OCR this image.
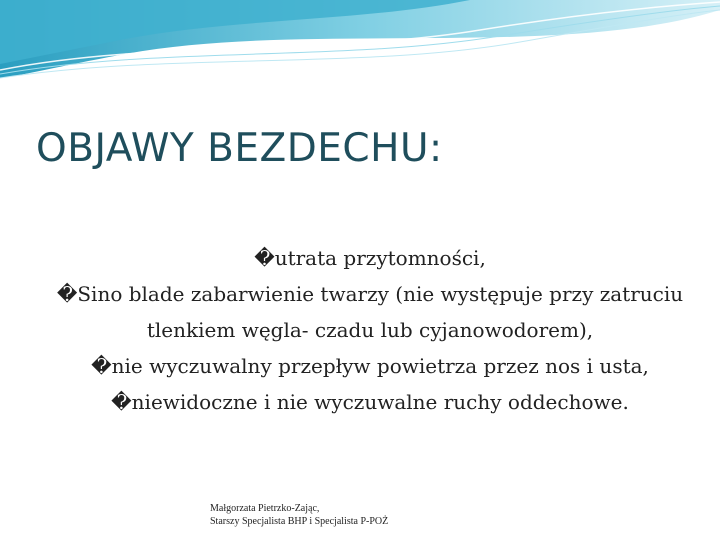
OBJAWY BEZDECHU:
�utrata przytomności,
�Sino blade zabarwienie twarzy (nie występuje przy zatruciu tlenkiem węgla- czadu lub cyjanowodorem),
�nie wyczuwalny przepływ powietrza przez nos i usta,
�niewidoczne i nie wyczuwalne ruchy oddechowe.
Małgorzata Pietrzko-Zając,
Starszy Specjalista BHP i Specjalista P-POŻ
